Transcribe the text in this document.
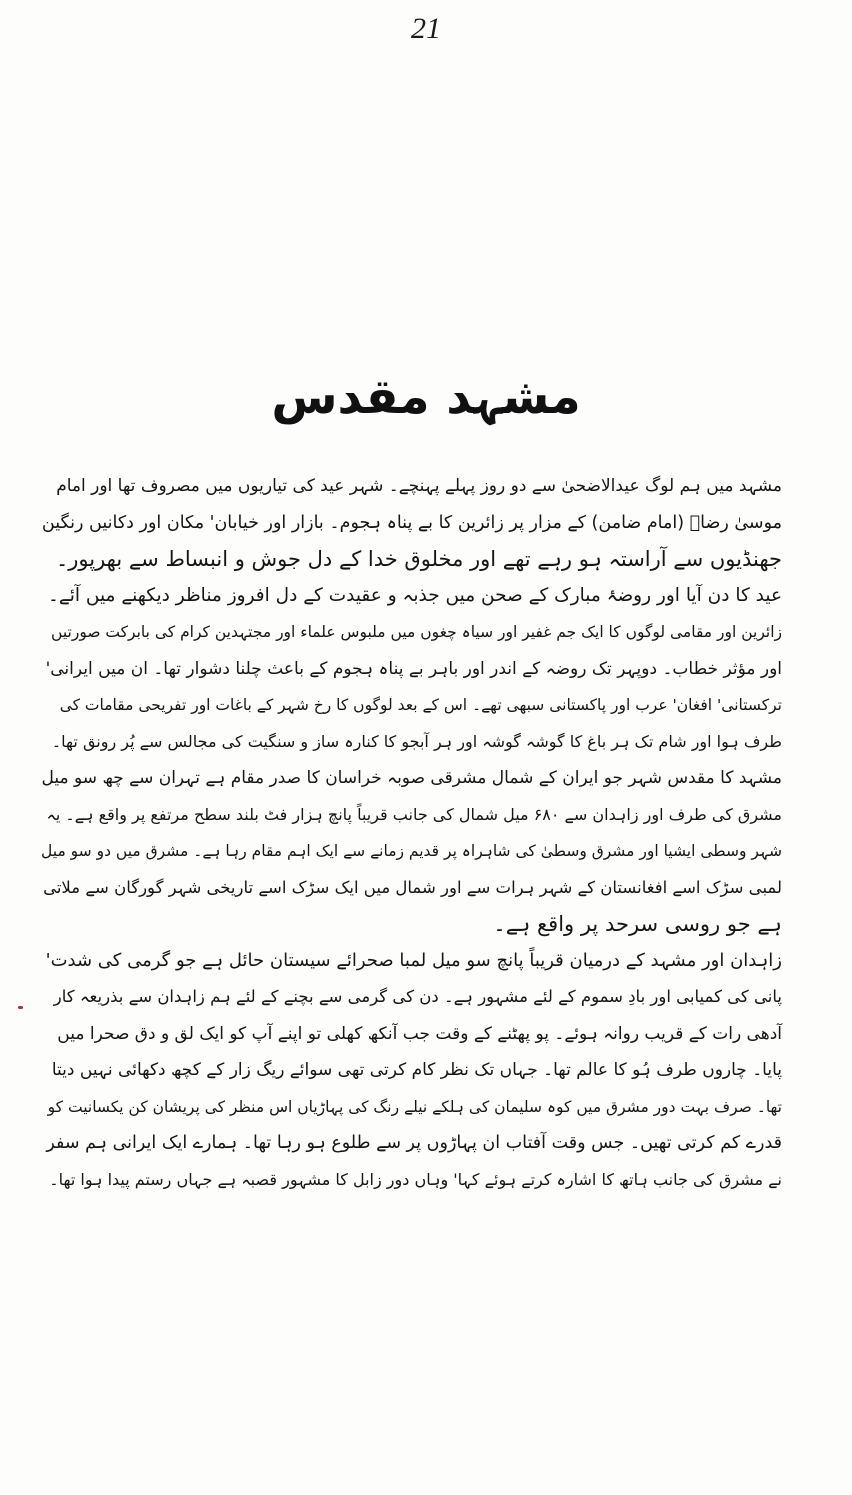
21
مشہد مقدس

مشہد میں ہم لوگ عیدالاضحیٰ سے دو روز پہلے پہنچے۔ شہر عید کی تیاریوں میں مصروف تھا اور امام
موسیٰ رضاؑ (امام ضامن) کے مزار پر زائرین کا بے پناہ ہجوم۔ بازار اور خیابان' مکان اور دکانیں رنگین
جھنڈیوں سے آراستہ ہو رہے تھے اور مخلوق خدا کے دل جوش و انبساط سے بھرپور۔

عید کا دن آیا اور روضۂ مبارک کے صحن میں جذبہ و عقیدت کے دل افروز مناظر دیکھنے میں آئے۔
زائرین اور مقامی لوگوں کا ایک جم غفیر اور سیاہ چغوں میں ملبوس علماء اور مجتہدین کرام کی بابرکت صورتیں
اور مؤثر خطاب۔ دوپہر تک روضہ کے اندر اور باہر بے پناہ ہجوم کے باعث چلنا دشوار تھا۔ ان میں ایرانی'
ترکستانی' افغان' عرب اور پاکستانی سبھی تھے۔ اس کے بعد لوگوں کا رخ شہر کے باغات اور تفریحی مقامات کی
طرف ہوا اور شام تک ہر باغ کا گوشہ گوشہ اور ہر آبجو کا کنارہ ساز و سنگیت کی مجالس سے پُر رونق تھا۔

مشہد کا مقدس شہر جو ایران کے شمال مشرقی صوبہ خراسان کا صدر مقام ہے تہران سے چھ سو میل
مشرق کی طرف اور زاہدان سے ۶۸۰ میل شمال کی جانب قریباً پانچ ہزار فٹ بلند سطح مرتفع پر واقع ہے۔ یہ
شہر وسطی ایشیا اور مشرق وسطیٰ کی شاہراہ پر قدیم زمانے سے ایک اہم مقام رہا ہے۔ مشرق میں دو سو میل
لمبی سڑک اسے افغانستان کے شہر ہرات سے اور شمال میں ایک سڑک اسے تاریخی شہر گورگان سے ملاتی
ہے جو روسی سرحد پر واقع ہے۔

زاہدان اور مشہد کے درمیان قریباً پانچ سو میل لمبا صحرائے سیستان حائل ہے جو گرمی کی شدت'
پانی کی کمیابی اور بادِ سموم کے لئے مشہور ہے۔ دن کی گرمی سے بچنے کے لئے ہم زاہدان سے بذریعہ کار
آدھی رات کے قریب روانہ ہوئے۔ پو پھٹنے کے وقت جب آنکھ کھلی تو اپنے آپ کو ایک لق و دق صحرا میں
پایا۔ چاروں طرف ہُو کا عالم تھا۔ جہاں تک نظر کام کرتی تھی سوائے ریگ زار کے کچھ دکھائی نہیں دیتا
تھا۔ صرف بہت دور مشرق میں کوہ سلیمان کی ہلکے نیلے رنگ کی پہاڑیاں اس منظر کی پریشان کن یکسانیت کو
قدرے کم کرتی تھیں۔ جس وقت آفتاب ان پہاڑوں پر سے طلوع ہو رہا تھا۔ ہمارے ایک ایرانی ہم سفر
نے مشرق کی جانب ہاتھ کا اشارہ کرتے ہوئے کہا' وہاں دور زابل کا مشہور قصبہ ہے جہاں رستم پیدا ہوا تھا۔
